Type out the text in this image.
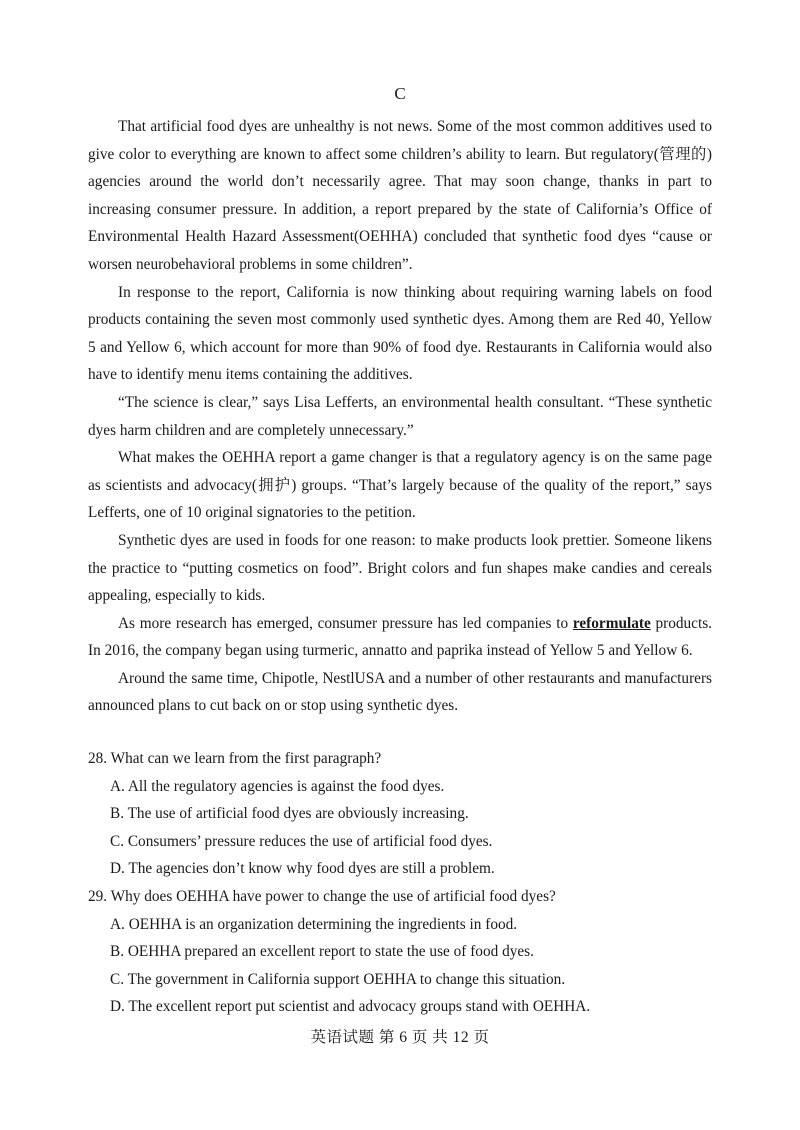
C

That artificial food dyes are unhealthy is not news. Some of the most common additives used to give color to everything are known to affect some children’s ability to learn. But regulatory(管理的) agencies around the world don’t necessarily agree. That may soon change, thanks in part to increasing consumer pressure. In addition, a report prepared by the state of California’s Office of Environmental Health Hazard Assessment(OEHHA) concluded that synthetic food dyes “cause or worsen neurobehavioral problems in some children”.

In response to the report, California is now thinking about requiring warning labels on food products containing the seven most commonly used synthetic dyes. Among them are Red 40, Yellow 5 and Yellow 6, which account for more than 90% of food dye. Restaurants in California would also have to identify menu items containing the additives.

“The science is clear,” says Lisa Lefferts, an environmental health consultant. “These synthetic dyes harm children and are completely unnecessary.”

What makes the OEHHA report a game changer is that a regulatory agency is on the same page as scientists and advocacy(拥护) groups. “That’s largely because of the quality of the report,” says Lefferts, one of 10 original signatories to the petition.

Synthetic dyes are used in foods for one reason: to make products look prettier. Someone likens the practice to “putting cosmetics on food”. Bright colors and fun shapes make candies and cereals appealing, especially to kids.

As more research has emerged, consumer pressure has led companies to reformulate products. In 2016, the company began using turmeric, annatto and paprika instead of Yellow 5 and Yellow 6.

Around the same time, Chipotle, NestlUSA and a number of other restaurants and manufacturers announced plans to cut back on or stop using synthetic dyes.

28. What can we learn from the first paragraph?

A. All the regulatory agencies is against the food dyes.

B. The use of artificial food dyes are obviously increasing.

C. Consumers’ pressure reduces the use of artificial food dyes.

D. The agencies don’t know why food dyes are still a problem.

29. Why does OEHHA have power to change the use of artificial food dyes?

A. OEHHA is an organization determining the ingredients in food.

B. OEHHA prepared an excellent report to state the use of food dyes.

C. The government in California support OEHHA to change this situation.

D. The excellent report put scientist and advocacy groups stand with OEHHA.

英语试题 第 6 页 共 12 页
